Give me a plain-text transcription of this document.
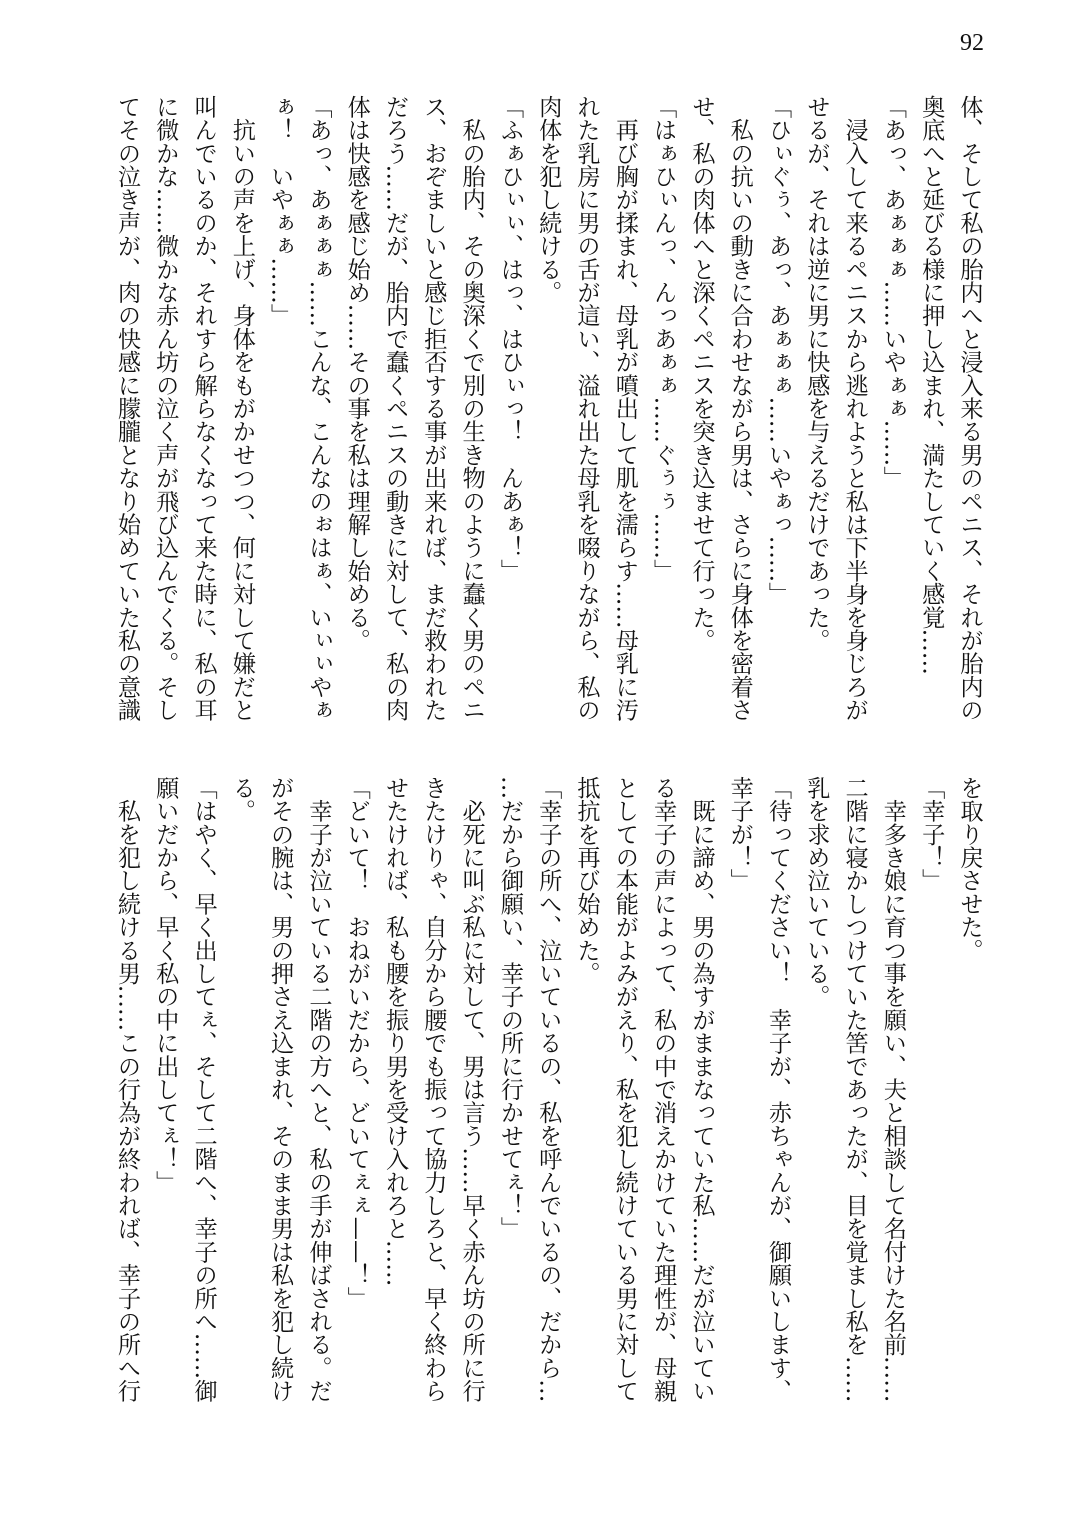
92
体、そして私の胎内へと浸入来る男のペニス、それが胎内の
奥底へと延びる様に押し込まれ、満たしていく感覚……
「あっ、あぁぁぁ……いやぁぁ……」
　浸入して来るペニスから逃れようと私は下半身を身じろが
せるが、それは逆に男に快感を与えるだけであった。
「ひぃぐぅ、あっ、あぁぁぁ……いやぁっ……」
　私の抗いの動きに合わせながら男は、さらに身体を密着さ
せ、私の肉体へと深くペニスを突き込ませて行った。
「はぁひぃんっ、んっあぁぁ……ぐぅぅ……」
　再び胸が揉まれ、母乳が噴出して肌を濡らす……母乳に汚
れた乳房に男の舌が這い、溢れ出た母乳を啜りながら、私の
肉体を犯し続ける。
「ふぁひぃぃ、はっ、はひぃっ！　んあぁ！」
　私の胎内、その奥深くで別の生き物のように蠢く男のペニ
ス、おぞましいと感じ拒否する事が出来れば、まだ救われた
だろう……だが、胎内で蠢くペニスの動きに対して、私の肉
体は快感を感じ始め……その事を私は理解し始める。
「あっ、あぁぁぁ……こんな、こんなのぉはぁ、いぃぃやぁ
ぁ！　いやぁぁ……」
　抗いの声を上げ、身体をもがかせつつ、何に対して嫌だと
叫んでいるのか、それすら解らなくなって来た時に、私の耳
に微かな……微かな赤ん坊の泣く声が飛び込んでくる。そし
てその泣き声が、肉の快感に朦朧となり始めていた私の意識
を取り戻させた。
「幸子！」
　幸多き娘に育つ事を願い、夫と相談して名付けた名前……
二階に寝かしつけていた筈であったが、目を覚まし私を……
乳を求め泣いている。
「待ってください！　幸子が、赤ちゃんが、御願いします、
幸子が！」
　既に諦め、男の為すがままなっていた私……だが泣いてい
る幸子の声によって、私の中で消えかけていた理性が、母親
としての本能がよみがえり、私を犯し続けている男に対して
抵抗を再び始めた。
「幸子の所へ、泣いているの、私を呼んでいるの、だから…
…だから御願い、幸子の所に行かせてぇ！」
　必死に叫ぶ私に対して、男は言う……早く赤ん坊の所に行
きたけりゃ、自分から腰でも振って協力しろと、早く終わら
せたければ、私も腰を振り男を受け入れろと……
「どいて！　おねがいだから、どいてぇぇ——！」
　幸子が泣いている二階の方へと、私の手が伸ばされる。だ
がその腕は、男の押さえ込まれ、そのまま男は私を犯し続け
る。
「はやく、早く出してぇ、そして二階へ、幸子の所へ……御
願いだから、早く私の中に出してぇ！」
　私を犯し続ける男……この行為が終われば、幸子の所へ行
